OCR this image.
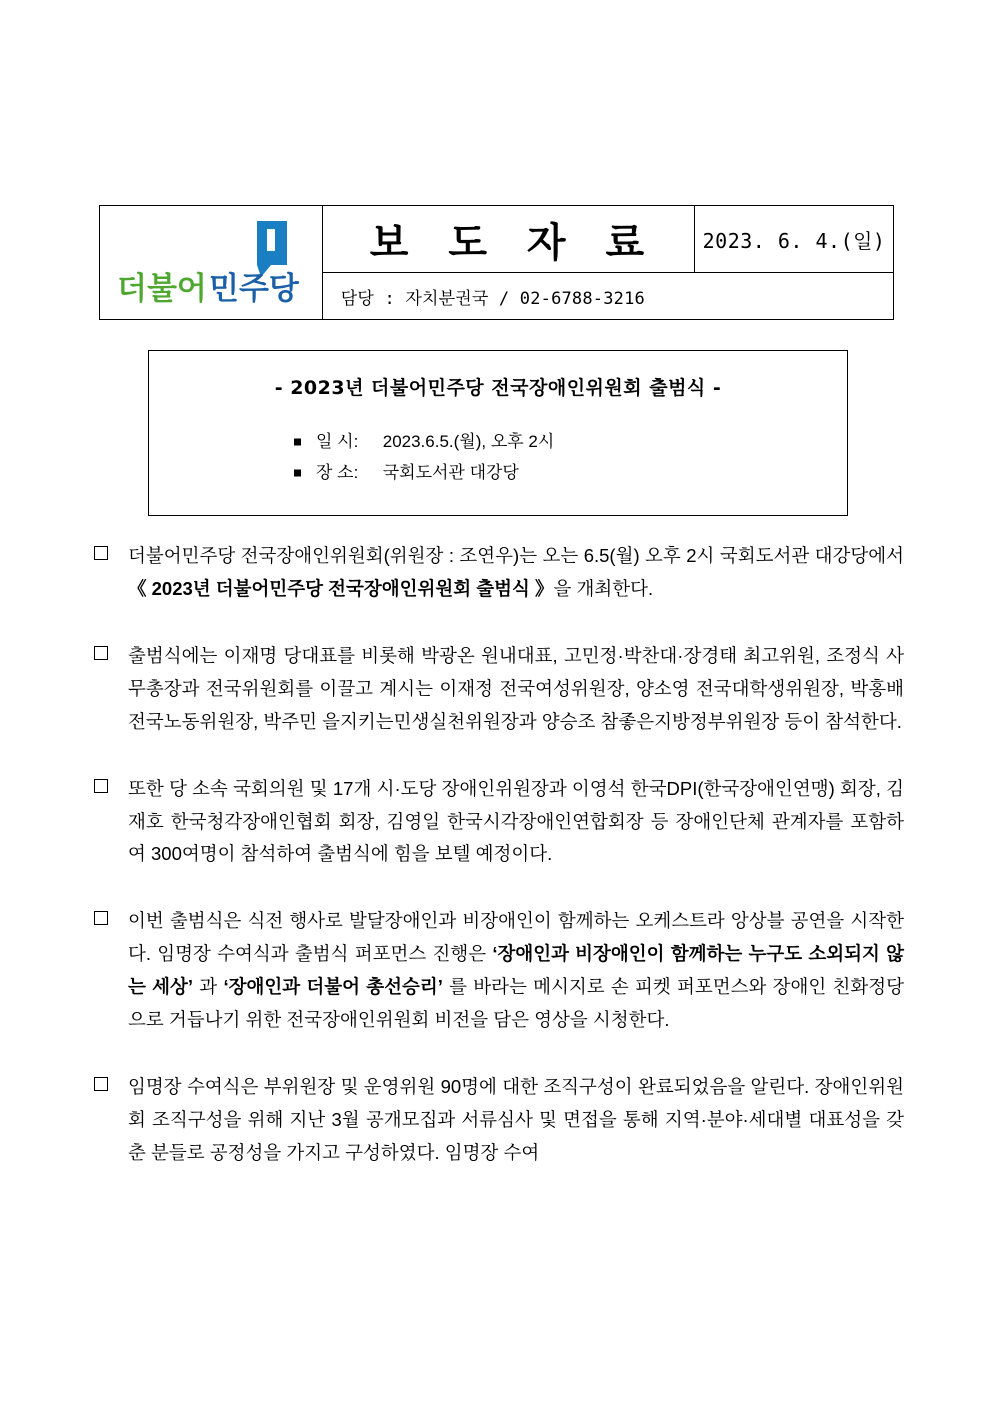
더불어 민주당

보 도 자 료	2023. 6. 4.(일)

담당 : 자치분권국 / 02-6788-3216
- 2023년 더불어민주당 전국장애인위원회 출범식 -
일 시: 2023.6.5.(월), 오후 2시
장 소: 국회도서관 대강당
더불어민주당 전국장애인위원회(위원장 : 조연우)는 오는 6.5(월) 오후 2시 국회도서관 대강당에서 《 2023년 더불어민주당 전국장애인위원회 출범식 》을 개최한다.
출범식에는 이재명 당대표를 비롯해 박광온 원내대표, 고민정·박찬대·장경태 최고위원, 조정식 사무총장과 전국위원회를 이끌고 계시는 이재정 전국여성위원장, 양소영 전국대학생위원장, 박홍배 전국노동위원장, 박주민 을지키는민생실천위원장과 양승조 참좋은지방정부위원장 등이 참석한다.
또한 당 소속 국회의원 및 17개 시·도당 장애인위원장과 이영석 한국DPI(한국장애인연맹) 회장, 김재호 한국청각장애인협회 회장, 김영일 한국시각장애인연합회장 등 장애인단체 관계자를 포함하여 300여명이 참석하여 출범식에 힘을 보텔 예정이다.
이번 출범식은 식전 행사로 발달장애인과 비장애인이 함께하는 오케스트라 앙상블 공연을 시작한다. 임명장 수여식과 출범식 퍼포먼스 진행은 ‘장애인과 비장애인이 함께하는 누구도 소외되지 않는 세상’ 과 ‘장애인과 더불어 총선승리’ 를 바라는 메시지로 손 피켓 퍼포먼스와 장애인 친화정당으로 거듭나기 위한 전국장애인위원회 비전을 담은 영상을 시청한다.
임명장 수여식은 부위원장 및 운영위원 90명에 대한 조직구성이 완료되었음을 알린다. 장애인위원회 조직구성을 위해 지난 3월 공개모집과 서류심사 및 면접을 통해 지역·분야·세대별 대표성을 갖춘 분들로 공정성을 가지고 구성하였다. 임명장 수여
